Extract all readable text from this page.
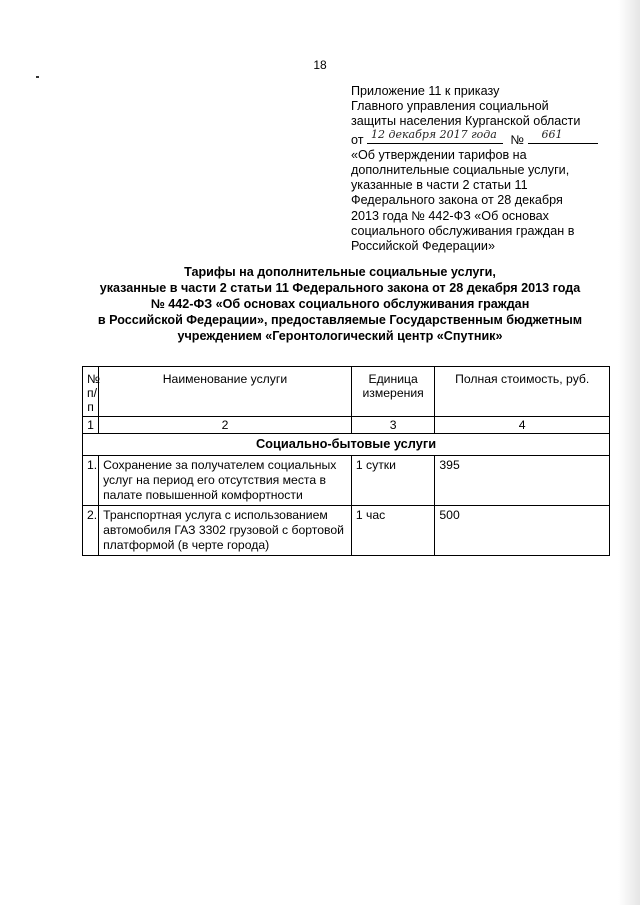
18
Приложение 11 к приказу
Главного управления социальной
защиты населения Курганской области
от 12 декабря 2017 года № 661
«Об утверждении тарифов на
дополнительные социальные услуги,
указанные в части 2 статьи 11
Федерального закона от 28 декабря
2013 года № 442-ФЗ «Об основах
социального обслуживания граждан в
Российской Федерации»
Тарифы на дополнительные социальные услуги,
указанные в части 2 статьи 11 Федерального закона от 28 декабря 2013 года
№ 442-ФЗ «Об основах социального обслуживания граждан
в Российской Федерации», предоставляемые Государственным бюджетным
учреждением «Геронтологический центр «Спутник»
№ п/п	Наименование услуги	Единица измерения	Полная стоимость, руб.
1	2	3	4
Социально-бытовые услуги			
1.	Сохранение за получателем социальных услуг на период его отсутствия места в палате повышенной комфортности	1 сутки	395
2.	Транспортная услуга с использованием автомобиля ГАЗ 3302 грузовой с бортовой платформой (в черте города)	1 час	500
